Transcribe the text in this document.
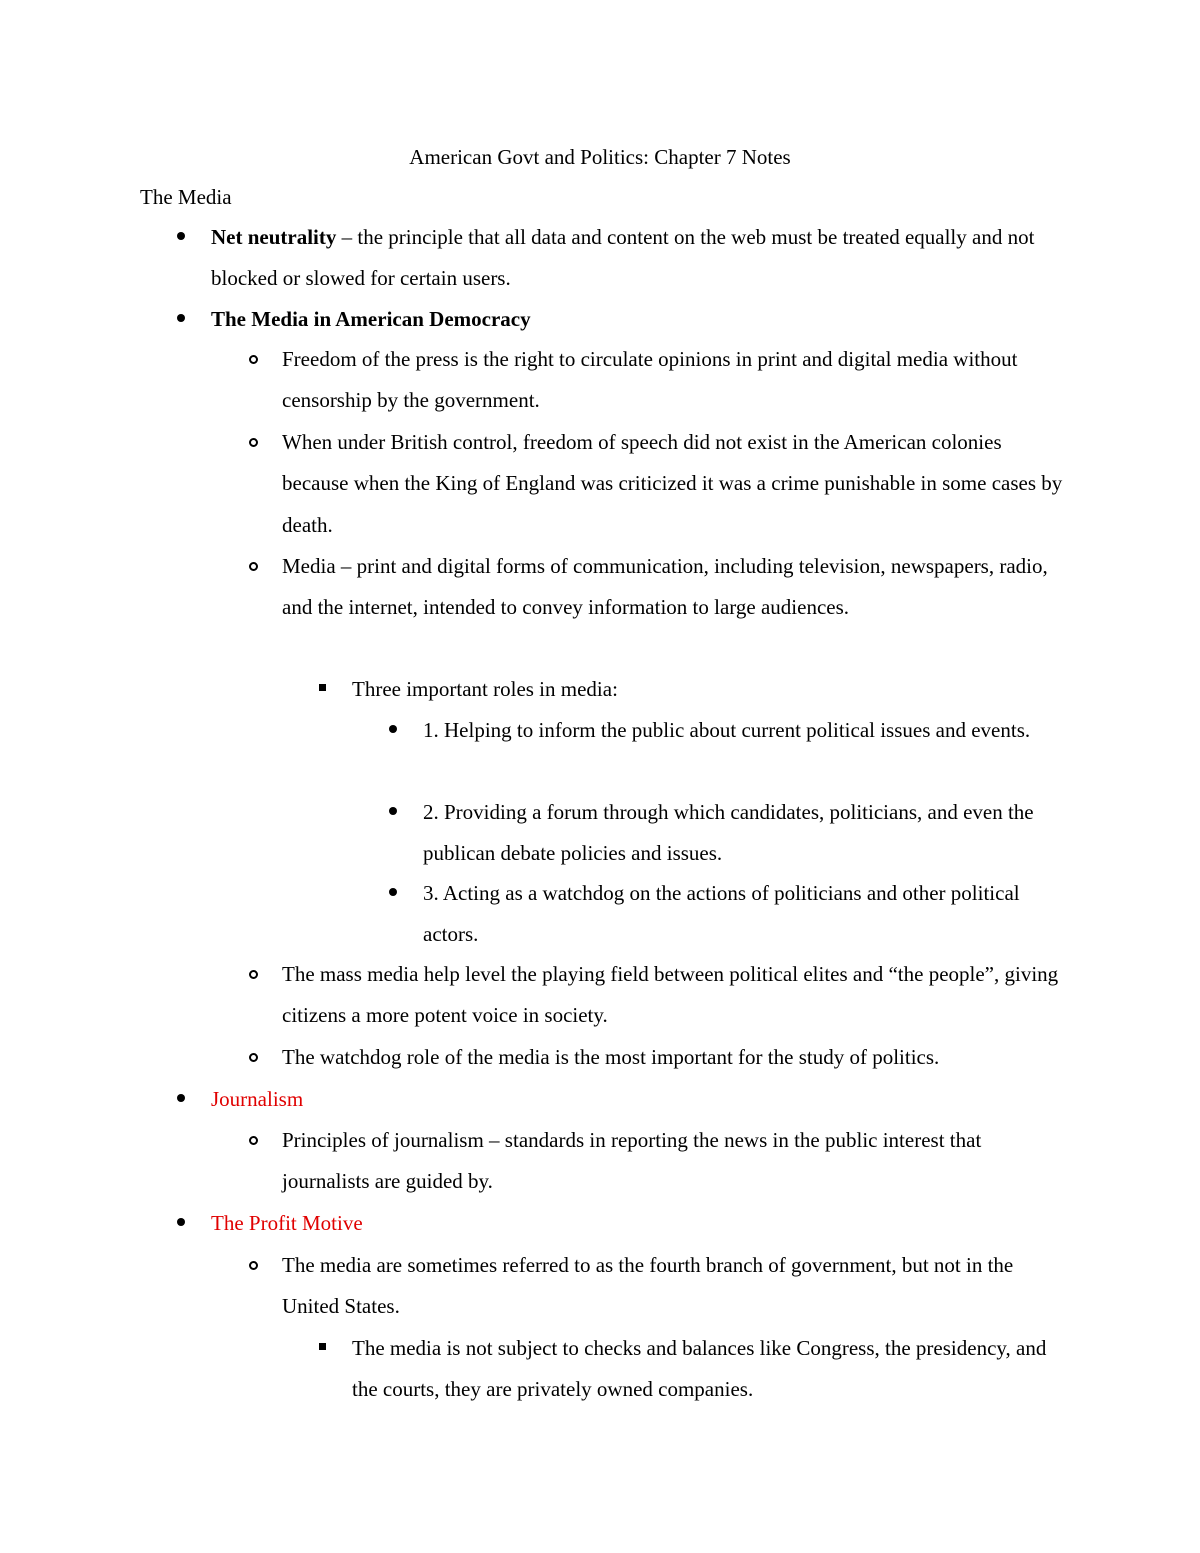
American Govt and Politics: Chapter 7 Notes
The Media
Net neutrality – the principle that all data and content on the web must be treated equally and not blocked or slowed for certain users.
The Media in American Democracy
Freedom of the press is the right to circulate opinions in print and digital media without censorship by the government.
When under British control, freedom of speech did not exist in the American colonies because when the King of England was criticized it was a crime punishable in some cases by death.
Media – print and digital forms of communication, including television, newspapers, radio, and the internet, intended to convey information to large audiences.
Three important roles in media:
1. Helping to inform the public about current political issues and events.
2. Providing a forum through which candidates, politicians, and even the publican debate policies and issues.
3. Acting as a watchdog on the actions of politicians and other political actors.
The mass media help level the playing field between political elites and “the people”, giving citizens a more potent voice in society.
The watchdog role of the media is the most important for the study of politics.
Journalism
Principles of journalism – standards in reporting the news in the public interest that journalists are guided by.
The Profit Motive
The media are sometimes referred to as the fourth branch of government, but not in the United States.
The media is not subject to checks and balances like Congress, the presidency, and the courts, they are privately owned companies.
